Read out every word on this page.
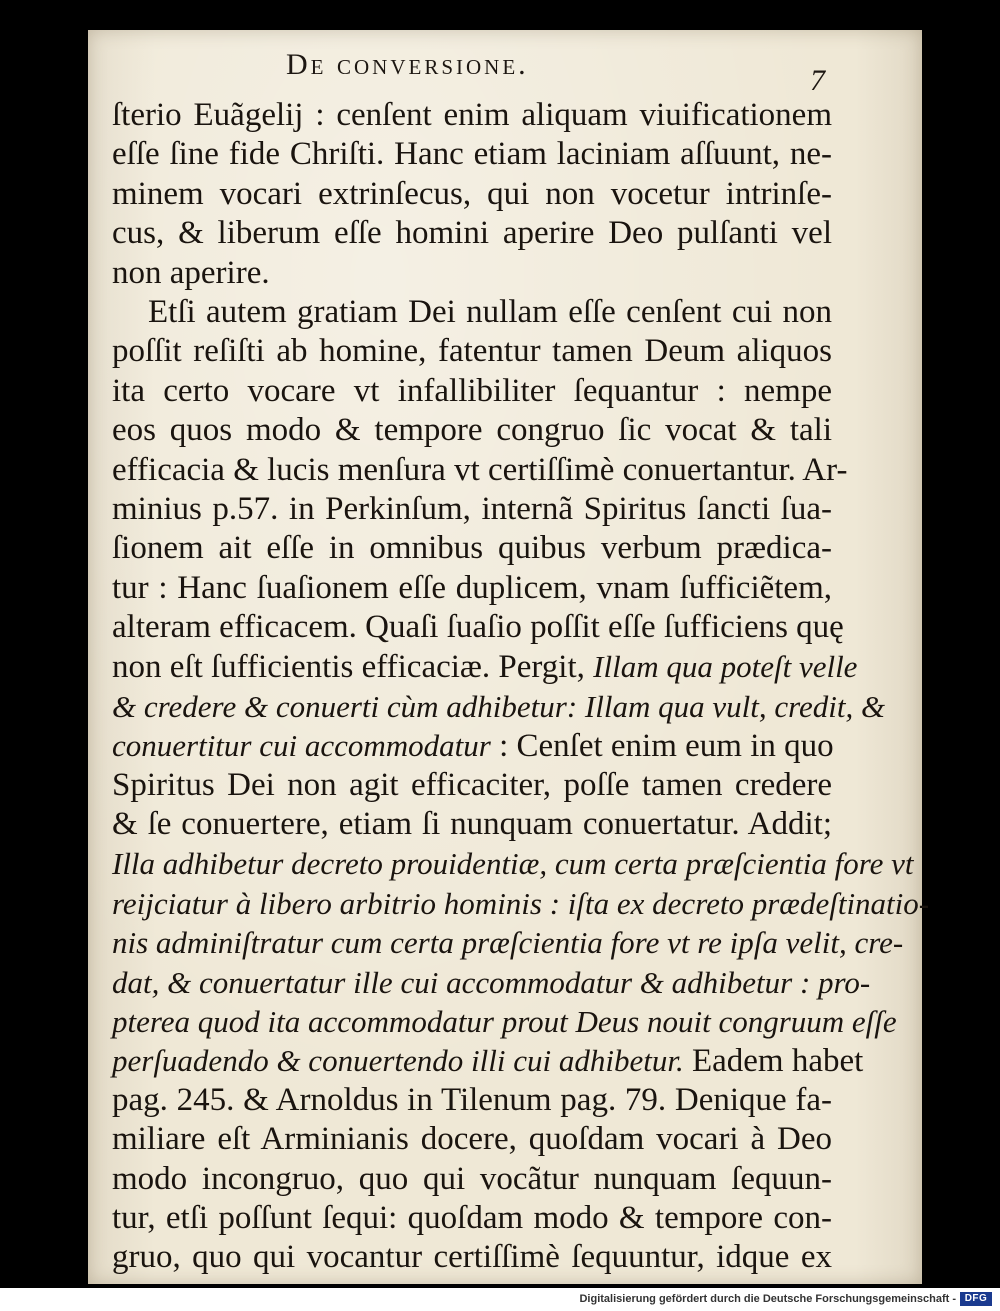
De conversione.	7
ſterio Euãgelij : cenſent enim aliquam viuificationem
eſſe ſine fide Chriſti. Hanc etiam laciniam aſſuunt, ne-
minem vocari extrinſecus, qui non vocetur intrinſe-
cus, & liberum eſſe homini aperire Deo pulſanti vel
non aperire.
Etſi autem gratiam Dei nullam eſſe cenſent cui non
poſſit reſiſti ab homine, fatentur tamen Deum aliquos
ita certo vocare vt infallibiliter ſequantur : nempe
eos quos modo & tempore congruo ſic vocat & tali
efficacia & lucis menſura vt certiſſimè conuertantur. Ar-
minius p.57. in Perkinſum, internã Spiritus ſancti ſua-
ſionem ait eſſe in omnibus quibus verbum prædica-
tur : Hanc ſuaſionem eſſe duplicem, vnam ſufficiẽtem,
alteram efficacem. Quaſi ſuaſio poſſit eſſe ſufficiens quę
non eſt ſufficientis efficaciæ. Pergit, Illam qua poteſt velle
& credere & conuerti cùm adhibetur: Illam qua vult, credit, &
conuertitur cui accommodatur : Cenſet enim eum in quo
Spiritus Dei non agit efficaciter, poſſe tamen credere
& ſe conuertere, etiam ſi nunquam conuertatur. Addit;
Illa adhibetur decreto prouidentiæ, cum certa præſcientia fore vt
reijciatur à libero arbitrio hominis : iſta ex decreto prædeſtinatio-
nis adminiſtratur cum certa præſcientia fore vt re ipſa velit, cre-
dat, & conuertatur ille cui accommodatur & adhibetur : pro-
pterea quod ita accommodatur prout Deus nouit congruum eſſe
perſuadendo & conuertendo illi cui adhibetur. Eadem habet
pag. 245. & Arnoldus in Tilenum pag. 79. Denique fa-
miliare eſt Arminianis docere, quoſdam vocari à Deo
modo incongruo, quo qui vocãtur nunquam ſequun-
tur, etſi poſſunt ſequi: quoſdam modo & tempore con-
gruo, quo qui vocantur certiſſimè ſequuntur, idque ex
Digitalisierung gefördert durch die Deutsche Forschungsgemeinschaft - DFG
